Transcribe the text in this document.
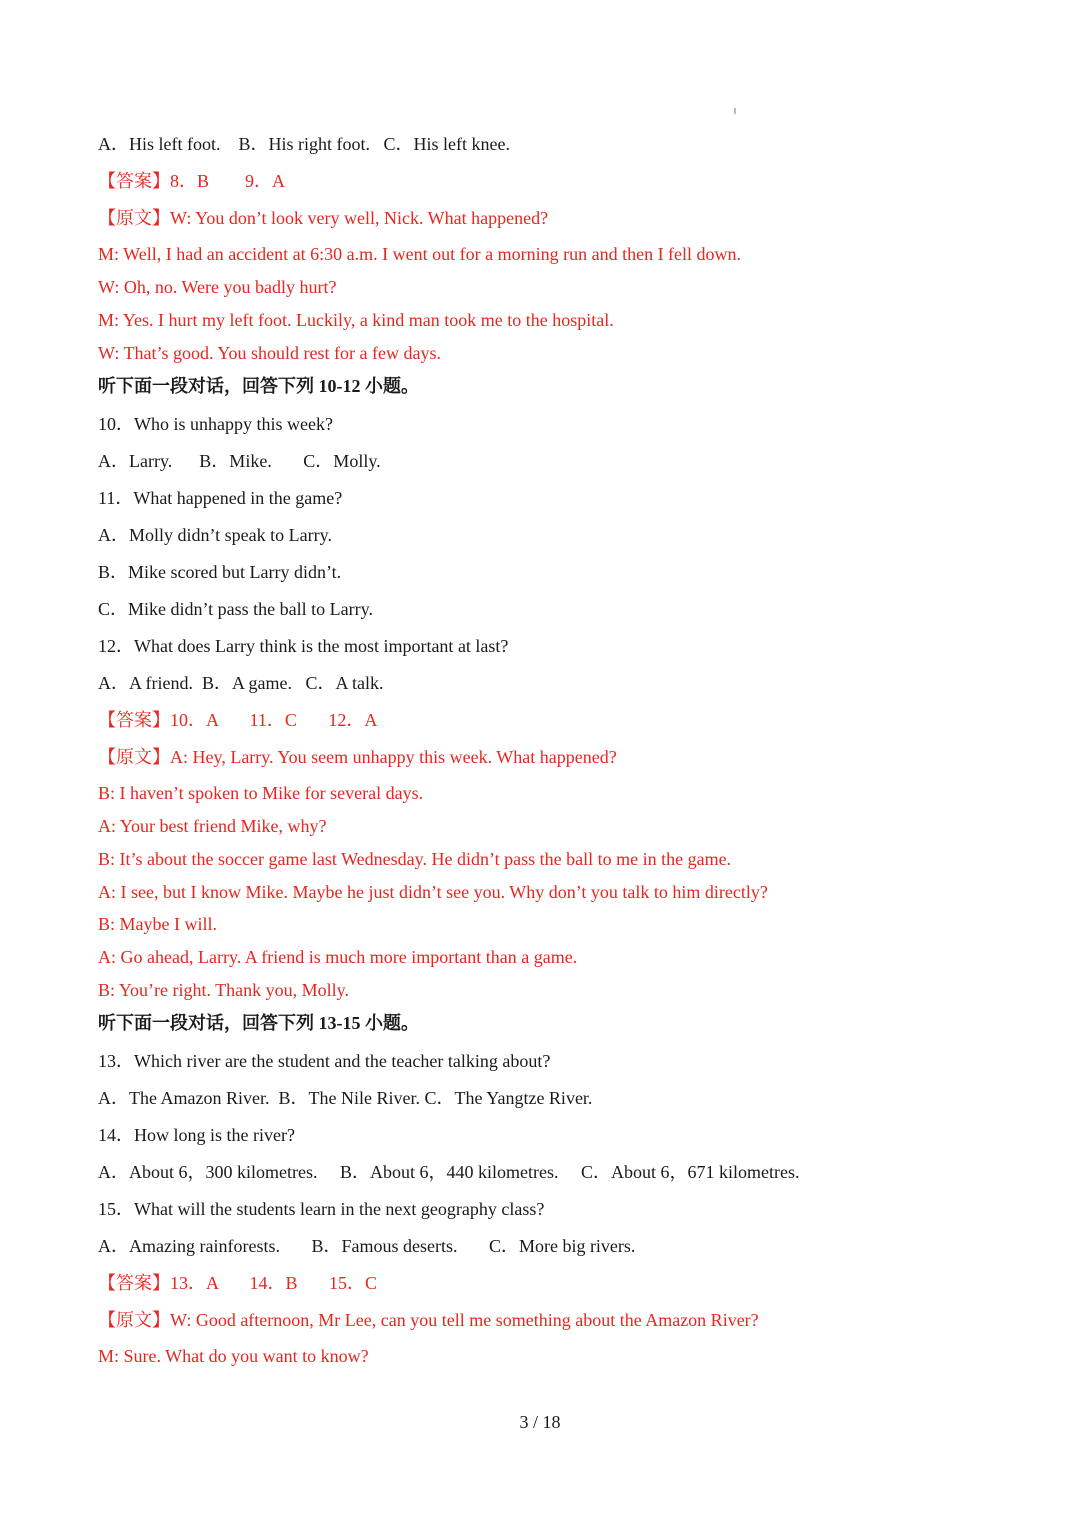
A．His left foot.    B．His right foot.   C．His left knee.
【答案】8．B        9．A
【原文】W: You don’t look very well, Nick. What happened?
M: Well, I had an accident at 6:30 a.m. I went out for a morning run and then I fell down.
W: Oh, no. Were you badly hurt?
M: Yes. I hurt my left foot. Luckily, a kind man took me to the hospital.
W: That’s good. You should rest for a few days.
听下面一段对话，回答下列 10-12 小题。
10．Who is unhappy this week?
A．Larry.      B．Mike.       C．Molly.
11．What happened in the game?
A．Molly didn’t speak to Larry.
B．Mike scored but Larry didn’t.
C．Mike didn’t pass the ball to Larry.
12．What does Larry think is the most important at last?
A．A friend.  B．A game.   C．A talk.
【答案】10．A       11．C       12．A
【原文】A: Hey, Larry. You seem unhappy this week. What happened?
B: I haven’t spoken to Mike for several days.
A: Your best friend Mike, why?
B: It’s about the soccer game last Wednesday. He didn’t pass the ball to me in the game.
A: I see, but I know Mike. Maybe he just didn’t see you. Why don’t you talk to him directly?
B: Maybe I will.
A: Go ahead, Larry. A friend is much more important than a game.
B: You’re right. Thank you, Molly.
听下面一段对话，回答下列 13-15 小题。
13．Which river are the student and the teacher talking about?
A．The Amazon River.  B．The Nile River. C．The Yangtze River.
14．How long is the river?
A．About 6，300 kilometres.     B．About 6，440 kilometres.     C．About 6，671 kilometres.
15．What will the students learn in the next geography class?
A．Amazing rainforests.       B．Famous deserts.       C．More big rivers.
【答案】13．A       14．B       15．C
【原文】W: Good afternoon, Mr Lee, can you tell me something about the Amazon River?
M: Sure. What do you want to know?
3 / 18
